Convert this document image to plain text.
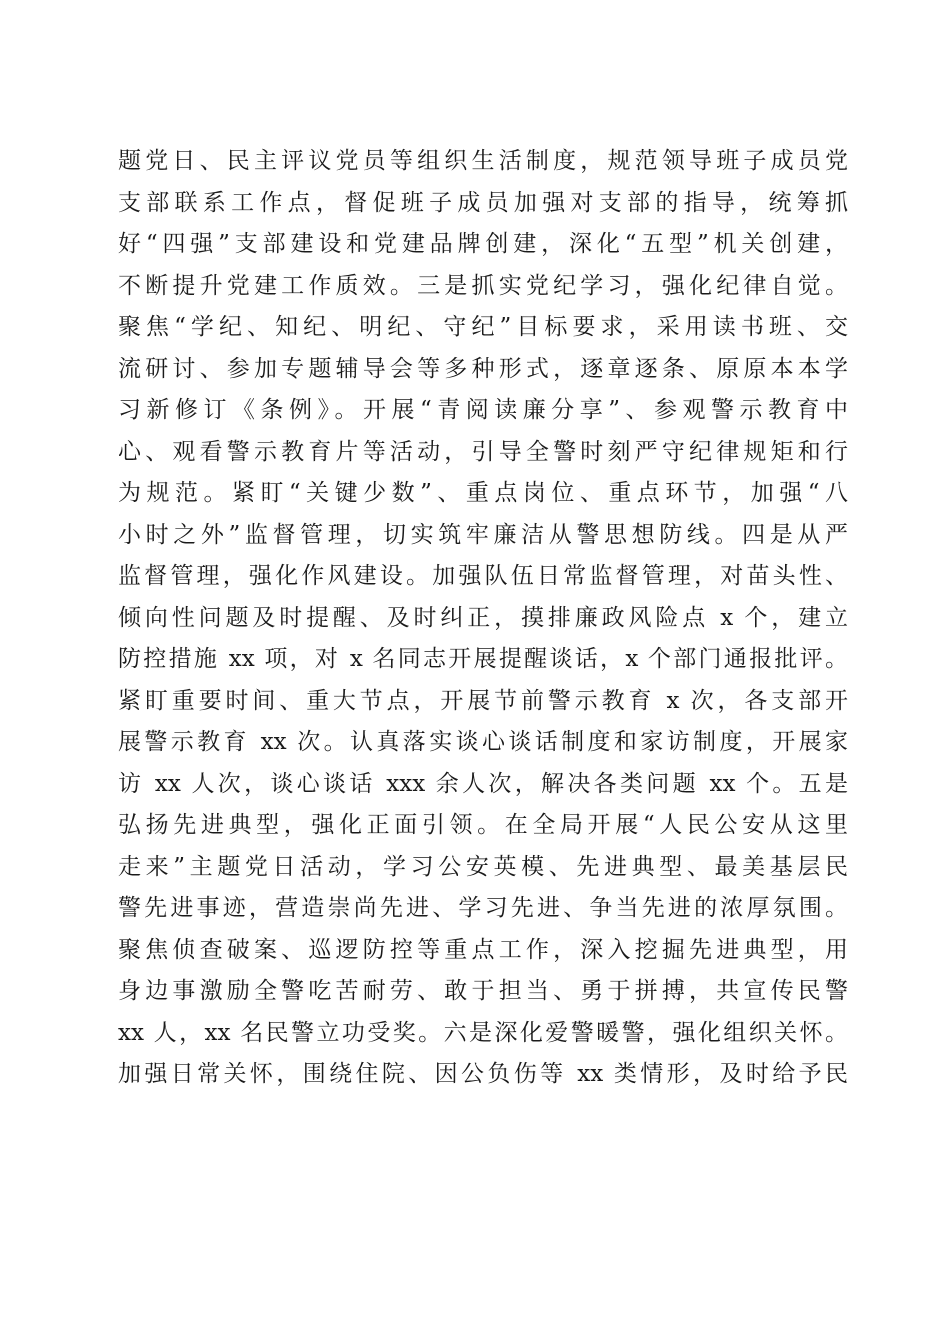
题党日、民主评议党员等组织生活制度，规范领导班子成员党
支部联系工作点，督促班子成员加强对支部的指导，统筹抓
好“四强”支部建设和党建品牌创建，深化“五型”机关创建，
不断提升党建工作质效。三是抓实党纪学习，强化纪律自觉。
聚焦“学纪、知纪、明纪、守纪”目标要求，采用读书班、交
流研讨、参加专题辅导会等多种形式，逐章逐条、原原本本学
习新修订《条例》。开展“青阅读廉分享”、参观警示教育中
心、观看警示教育片等活动，引导全警时刻严守纪律规矩和行
为规范。紧盯“关键少数”、重点岗位、重点环节，加强“八
小时之外”监督管理，切实筑牢廉洁从警思想防线。四是从严
监督管理，强化作风建设。加强队伍日常监督管理，对苗头性、
倾向性问题及时提醒、及时纠正，摸排廉政风险点 x 个，建立
防控措施 xx 项，对 x 名同志开展提醒谈话，x 个部门通报批评。
紧盯重要时间、重大节点，开展节前警示教育 x 次，各支部开
展警示教育 xx 次。认真落实谈心谈话制度和家访制度，开展家
访 xx 人次，谈心谈话 xxx 余人次，解决各类问题 xx 个。五是
弘扬先进典型，强化正面引领。在全局开展“人民公安从这里
走来”主题党日活动，学习公安英模、先进典型、最美基层民
警先进事迹，营造崇尚先进、学习先进、争当先进的浓厚氛围。
聚焦侦查破案、巡逻防控等重点工作，深入挖掘先进典型，用
身边事激励全警吃苦耐劳、敢于担当、勇于拼搏，共宣传民警
xx 人，xx 名民警立功受奖。六是深化爱警暖警，强化组织关怀。
加强日常关怀，围绕住院、因公负伤等 xx 类情形，及时给予民
